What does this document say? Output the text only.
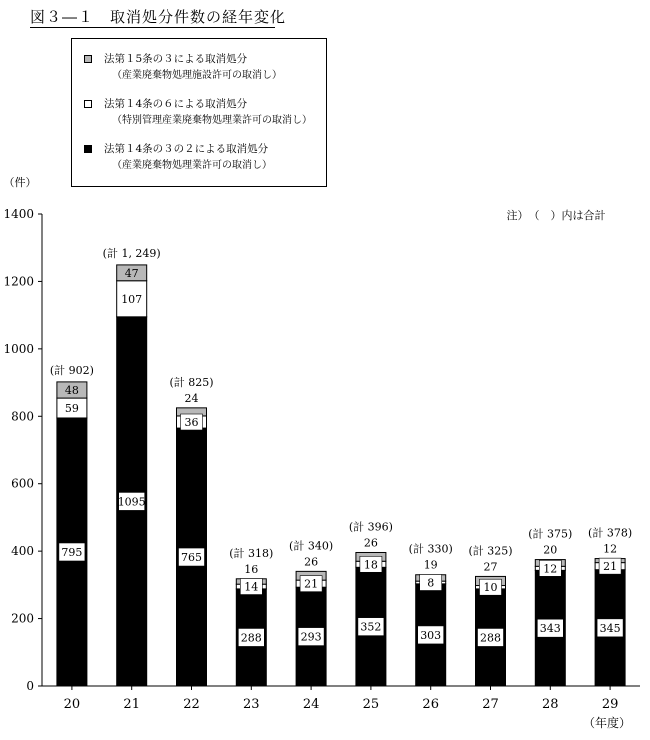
図３―１　取消処分件数の経年変化
法第１5条の３による取消処分
（産業廃棄物処理施設許可の取消し）
法第１4条の６による取消処分
（特別管理産業廃棄物処理業許可の取消し）
法第１4条の３の２による取消処分
（産業廃棄物処理業許可の取消し）
0
200
400
600
800
1000
1200
1400
（件）
注）　（　）内は合計
（年度）
20
795
59
48
(計 902)
21
1095
107
47
(計 1, 249)
22
765
36
24
(計 825)
23
288
14
16
(計 318)
24
293
21
26
(計 340)
25
352
18
26
(計 396)
26
303
8
19
(計 330)
27
288
10
27
(計 325)
28
343
12
20
(計 375)
29
345
21
12
(計 378)
